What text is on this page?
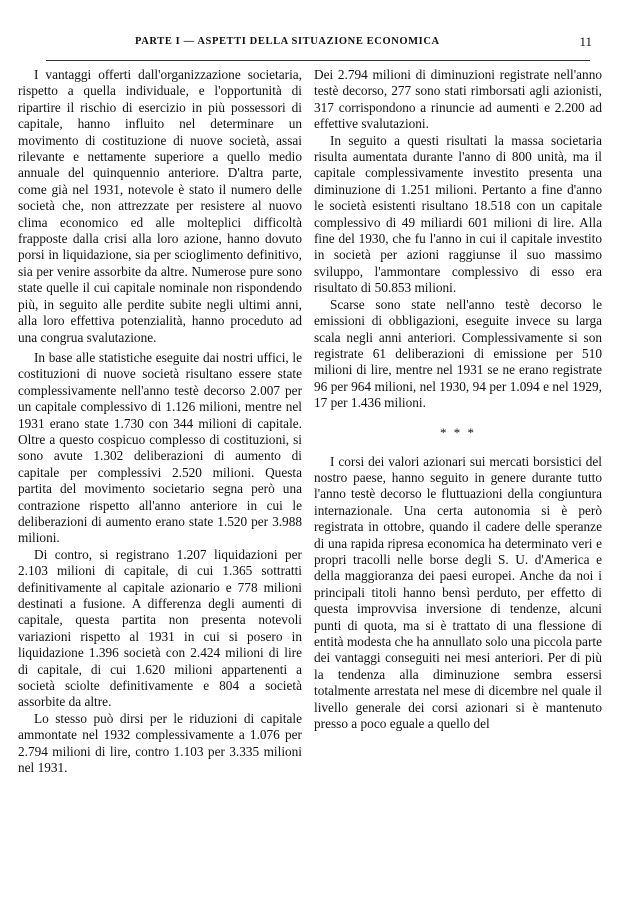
PARTE I — ASPETTI DELLA SITUAZIONE ECONOMICA	11

I vantaggi offerti dall'organizzazione societaria, rispetto a quella individuale, e l'opportunità di ripartire il rischio di esercizio in più possessori di capitale, hanno influito nel determinare un movimento di costituzione di nuove società, assai rilevante e nettamente superiore a quello medio annuale del quinquennio anteriore. D'altra parte, come già nel 1931, notevole è stato il numero delle società che, non attrezzate per resistere al nuovo clima economico ed alle molteplici difficoltà frapposte dalla crisi alla loro azione, hanno dovuto porsi in liquidazione, sia per scioglimento definitivo, sia per venire assorbite da altre. Numerose pure sono state quelle il cui capitale nominale non rispondendo più, in seguito alle perdite subite negli ultimi anni, alla loro effettiva potenzialità, hanno proceduto ad una congrua svalutazione.

In base alle statistiche eseguite dai nostri uffici, le costituzioni di nuove società risultano essere state complessivamente nell'anno testè decorso 2.007 per un capitale complessivo di 1.126 milioni, mentre nel 1931 erano state 1.730 con 344 milioni di capitale. Oltre a questo cospicuo complesso di costituzioni, si sono avute 1.302 deliberazioni di aumento di capitale per complessivi 2.520 milioni. Questa partita del movimento societario segna però una contrazione rispetto all'anno anteriore in cui le deliberazioni di aumento erano state 1.520 per 3.988 milioni.

Di contro, si registrano 1.207 liquidazioni per 2.103 milioni di capitale, di cui 1.365 sottratti definitivamente al capitale azionario e 778 milioni destinati a fusione. A differenza degli aumenti di capitale, questa partita non presenta notevoli variazioni rispetto al 1931 in cui si posero in liquidazione 1.396 società con 2.424 milioni di lire di capitale, di cui 1.620 milioni appartenenti a società sciolte definitivamente e 804 a società assorbite da altre.

Lo stesso può dirsi per le riduzioni di capitale ammontate nel 1932 complessivamente a 1.076 per 2.794 milioni di lire, contro 1.103 per 3.335 milioni nel 1931.

Dei 2.794 milioni di diminuzioni registrate nell'anno testè decorso, 277 sono stati rimborsati agli azionisti, 317 corrispondono a rinuncie ad aumenti e 2.200 ad effettive svalutazioni.

In seguito a questi risultati la massa societaria risulta aumentata durante l'anno di 800 unità, ma il capitale complessivamente investito presenta una diminuzione di 1.251 milioni. Pertanto a fine d'anno le società esistenti risultano 18.518 con un capitale complessivo di 49 miliardi 601 milioni di lire. Alla fine del 1930, che fu l'anno in cui il capitale investito in società per azioni raggiunse il suo massimo sviluppo, l'ammontare complessivo di esso era risultato di 50.853 milioni.

Scarse sono state nell'anno testè decorso le emissioni di obbligazioni, eseguite invece su larga scala negli anni anteriori. Complessivamente si son registrate 61 deliberazioni di emissione per 510 milioni di lire, mentre nel 1931 se ne erano registrate 96 per 964 milioni, nel 1930, 94 per 1.094 e nel 1929, 17 per 1.436 milioni.

* * *

I corsi dei valori azionari sui mercati borsistici del nostro paese, hanno seguito in genere durante tutto l'anno testè decorso le fluttuazioni della congiuntura internazionale. Una certa autonomia si è però registrata in ottobre, quando il cadere delle speranze di una rapida ripresa economica ha determinato veri e propri tracolli nelle borse degli S. U. d'America e della maggioranza dei paesi europei. Anche da noi i principali titoli hanno bensì perduto, per effetto di questa improvvisa inversione di tendenze, alcuni punti di quota, ma si è trattato di una flessione di entità modesta che ha annullato solo una piccola parte dei vantaggi conseguiti nei mesi anteriori. Per di più la tendenza alla diminuzione sembra essersi totalmente arrestata nel mese di dicembre nel quale il livello generale dei corsi azionari si è mantenuto presso a poco eguale a quello del
